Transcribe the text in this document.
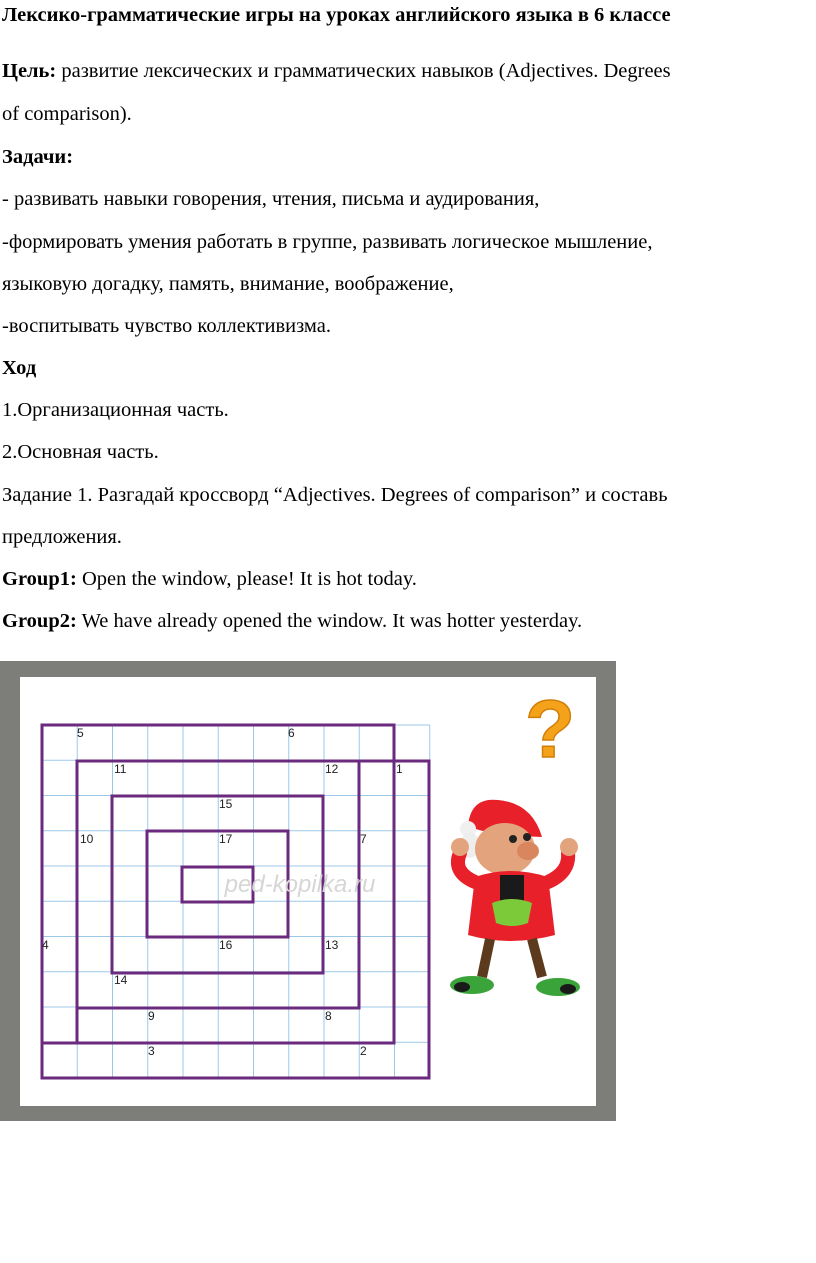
Лексико-грамматические игры на уроках английского языка в 6 классе
Цель: развитие лексических и грамматических навыков (Adjectives. Degrees
of comparison).
Задачи:
- развивать навыки говорения, чтения, письма и аудирования,
-формировать умения работать в группе, развивать логическое мышление,
языковую догадку, память, внимание, воображение,
-воспитывать чувство коллективизма.
Ход
1.Организационная часть.
2.Основная часть.
Задание 1. Разгадай кроссворд “Adjectives. Degrees of comparison” и составь
предложения.
Group1: Open the window, please! It is hot today.
Group2: We have already opened the window. It was hotter yesterday.
ped-kopilka.ru
5	6
11	12	1
15
10	17	7
4	16	13
14
9	8
3	2
?
